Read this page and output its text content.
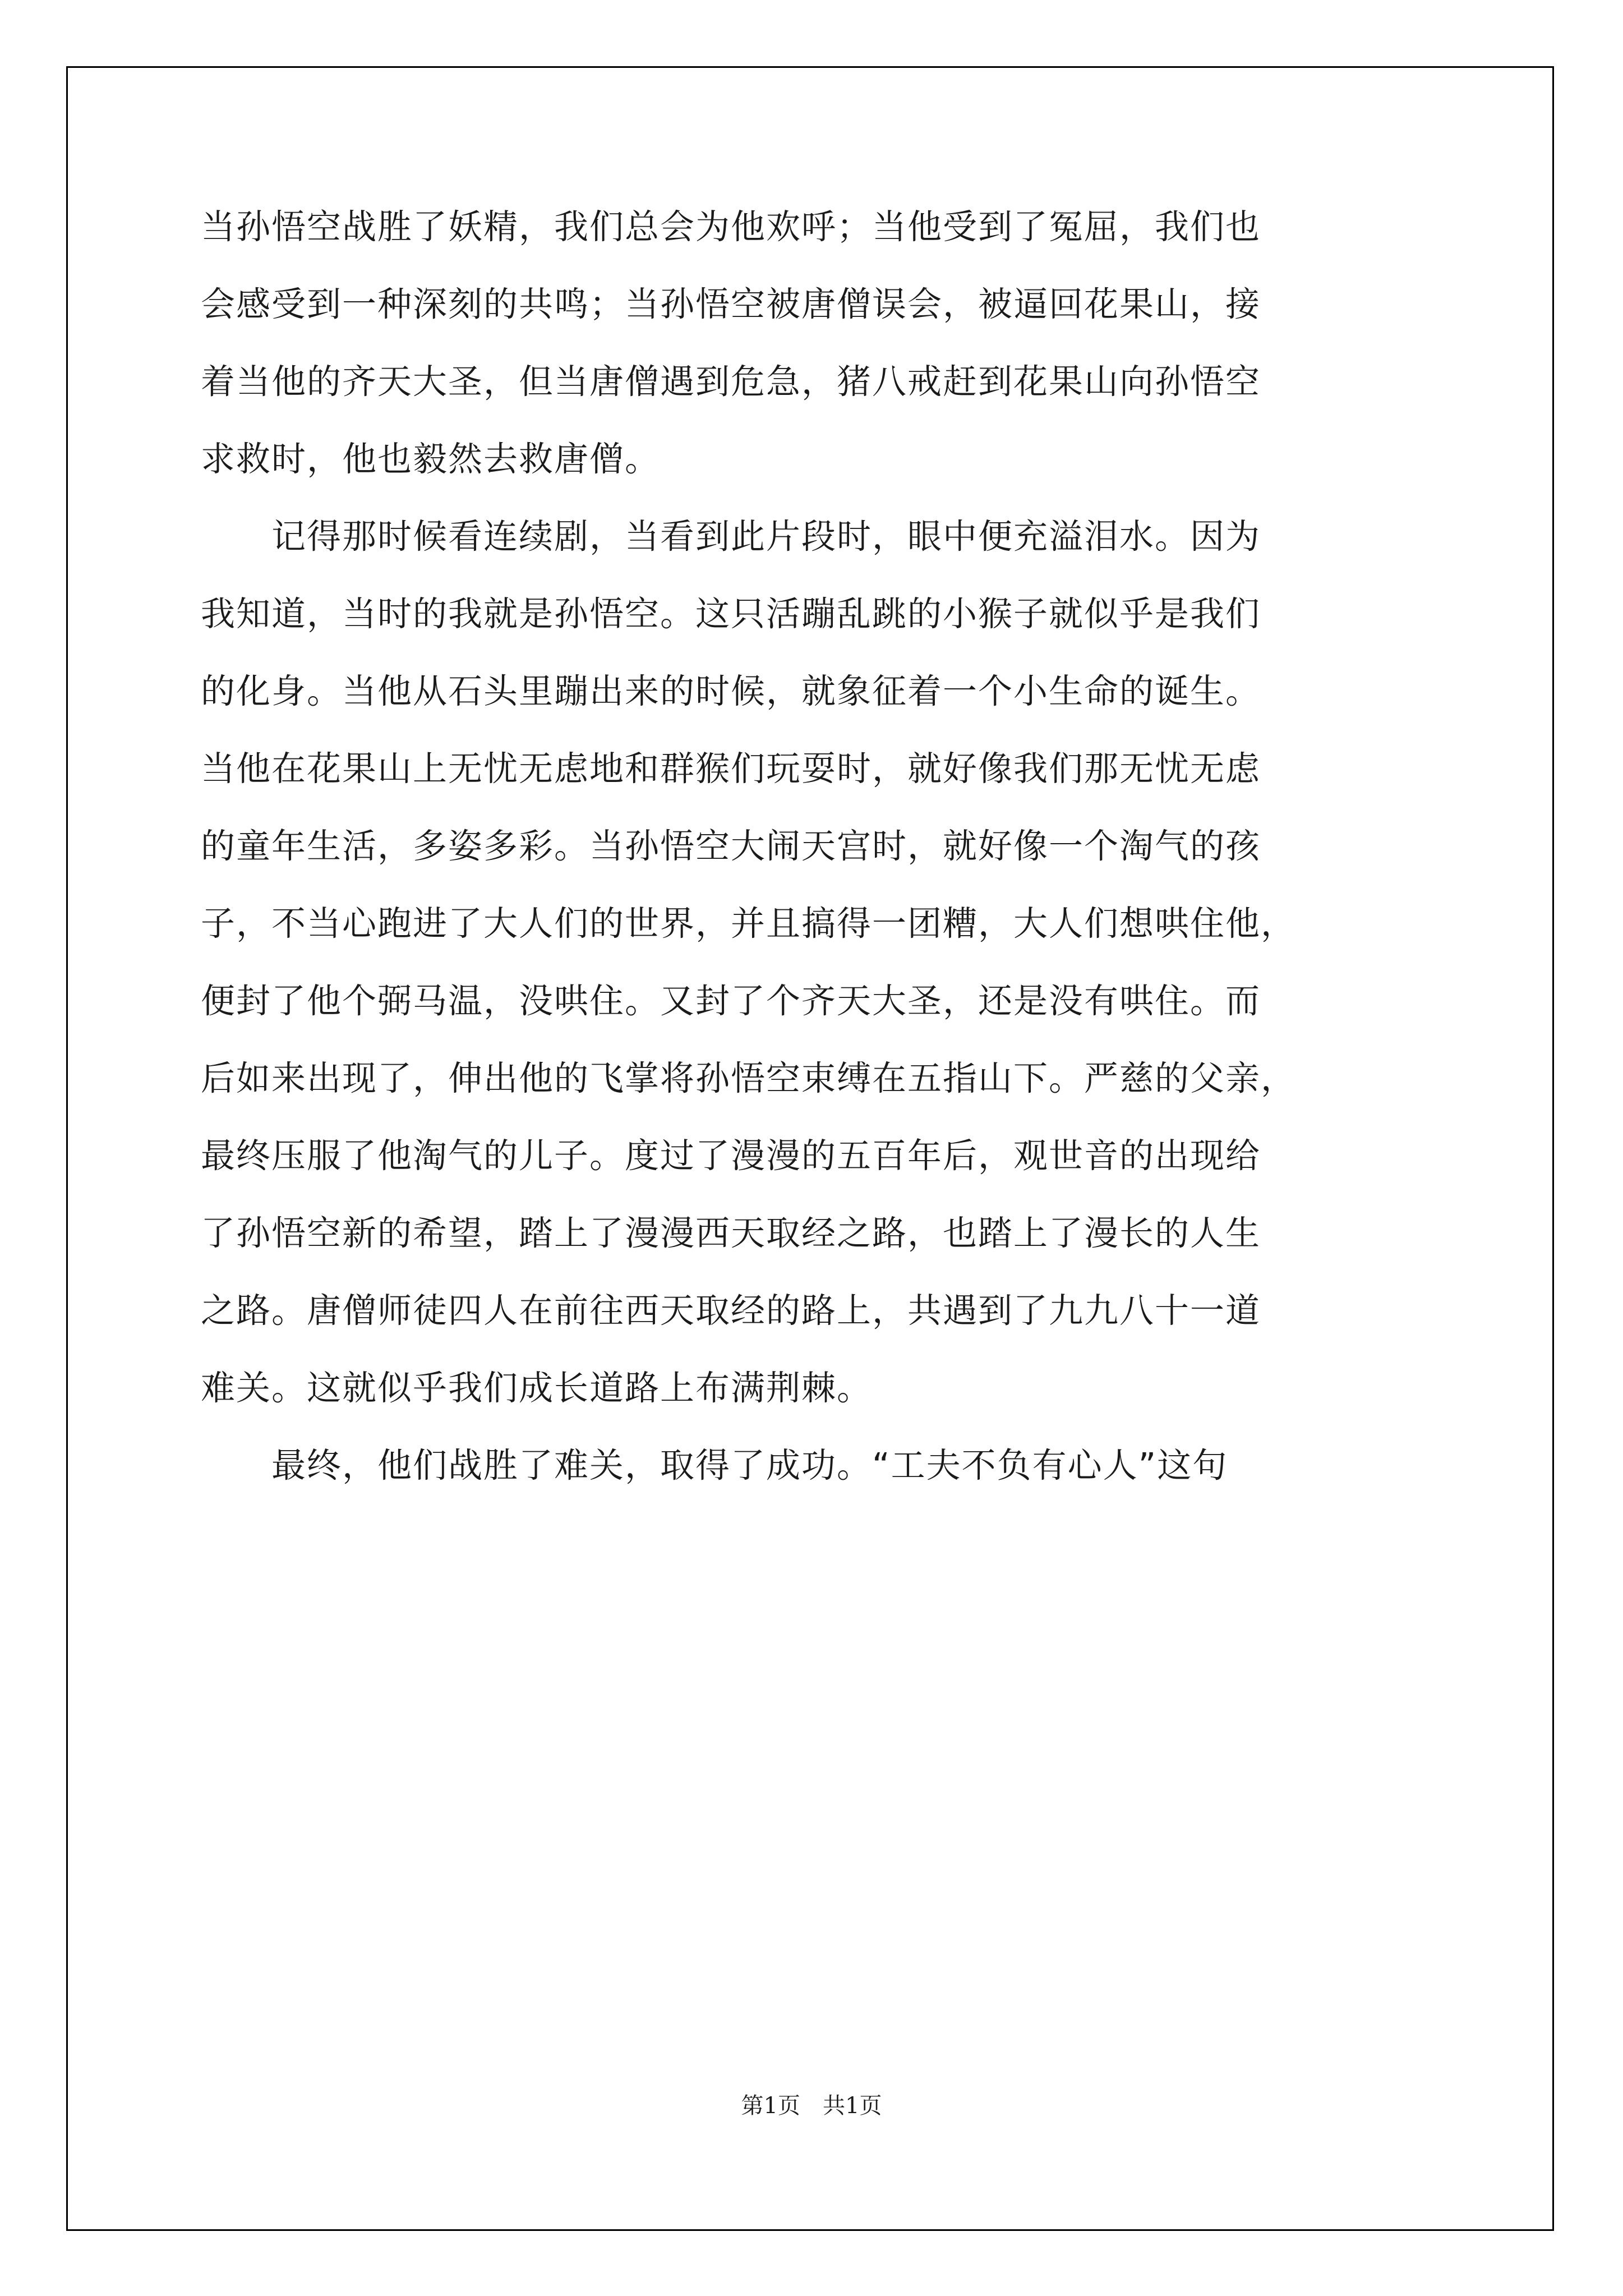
当孙悟空战胜了妖精，我们总会为他欢呼；当他受到了冤屈，我们也
会感受到一种深刻的共鸣；当孙悟空被唐僧误会，被逼回花果山，接
着当他的齐天大圣，但当唐僧遇到危急，猪八戒赶到花果山向孙悟空
求救时，他也毅然去救唐僧。
　　记得那时候看连续剧，当看到此片段时，眼中便充溢泪水。因为
我知道，当时的我就是孙悟空。这只活蹦乱跳的小猴子就似乎是我们
的化身。当他从石头里蹦出来的时候，就象征着一个小生命的诞生。
当他在花果山上无忧无虑地和群猴们玩耍时，就好像我们那无忧无虑
的童年生活，多姿多彩。当孙悟空大闹天宫时，就好像一个淘气的孩
子，不当心跑进了大人们的世界，并且搞得一团糟，大人们想哄住他，
便封了他个弼马温，没哄住。又封了个齐天大圣，还是没有哄住。而
后如来出现了，伸出他的飞掌将孙悟空束缚在五指山下。严慈的父亲，
最终压服了他淘气的儿子。度过了漫漫的五百年后，观世音的出现给
了孙悟空新的希望，踏上了漫漫西天取经之路，也踏上了漫长的人生
之路。唐僧师徒四人在前往西天取经的路上，共遇到了九九八十一道
难关。这就似乎我们成长道路上布满荆棘。
　　最终，他们战胜了难关，取得了成功。“工夫不负有心人”这句
第1页　共1页
